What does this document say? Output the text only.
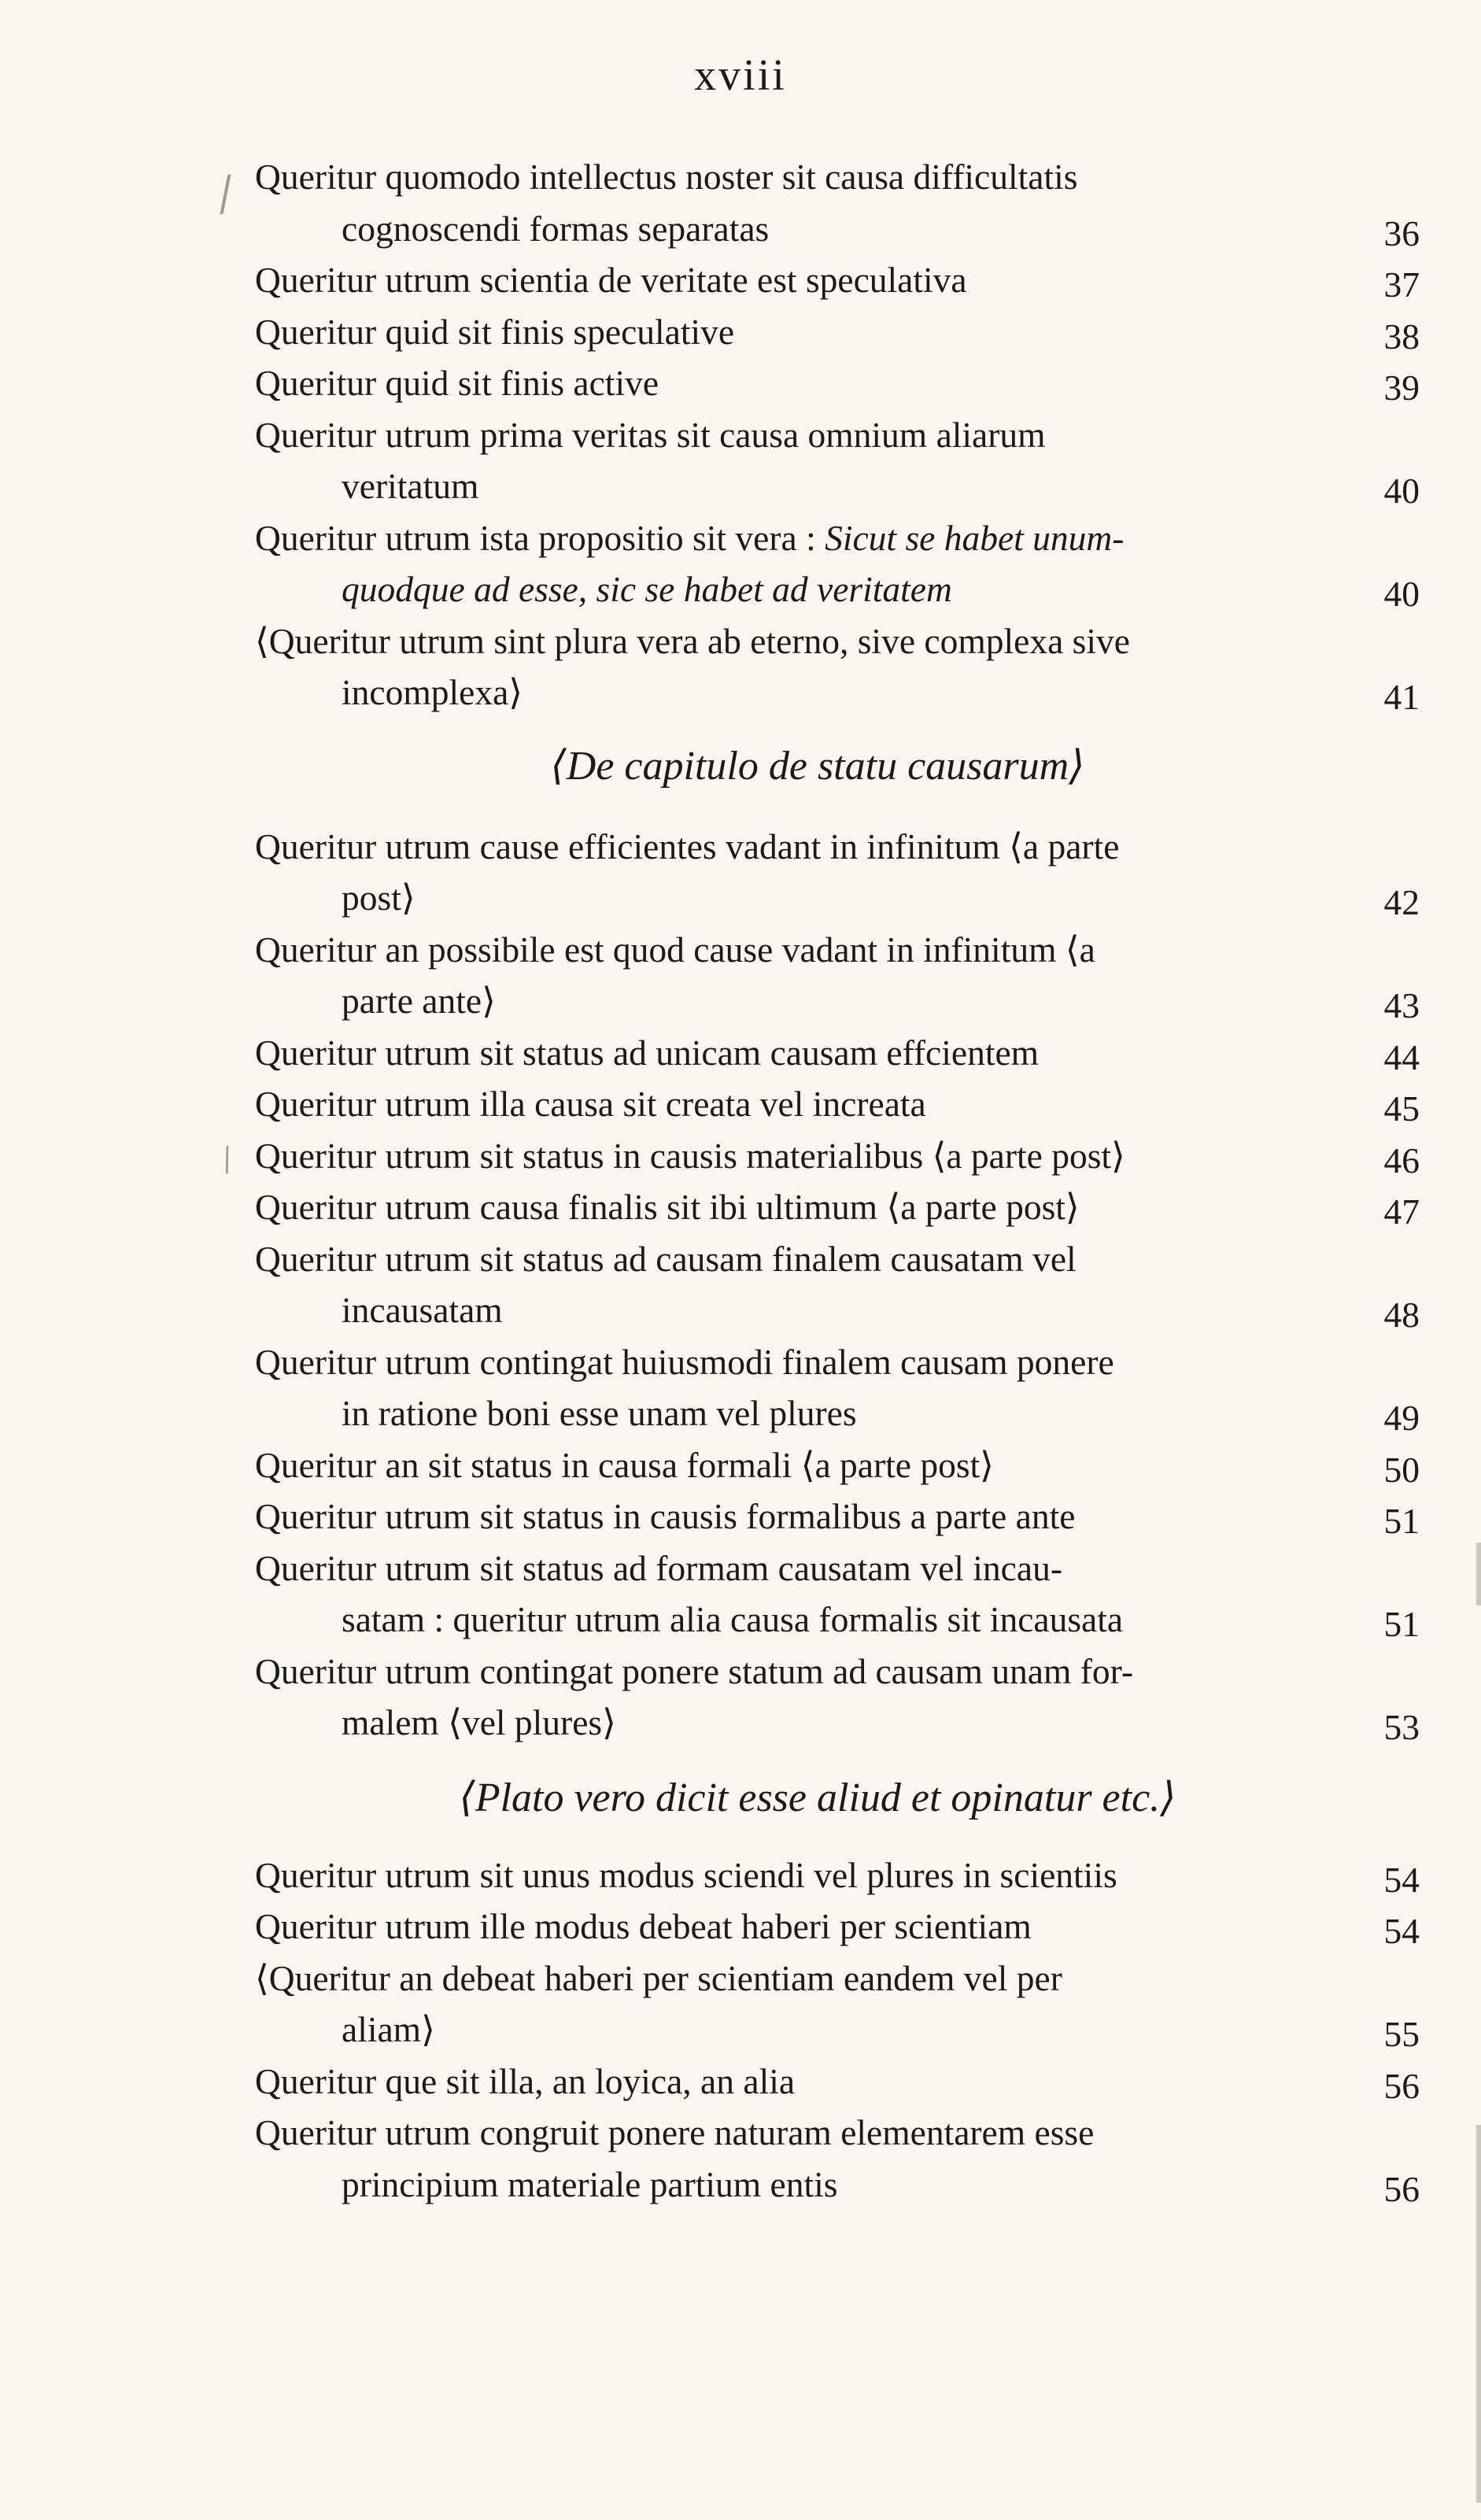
xviii
⁄
⁄
Queritur quomodo intellectus noster sit causa difficultatis
cognoscendi formas separatas	36
Queritur utrum scientia de veritate est speculativa	37
Queritur quid sit finis speculative	38
Queritur quid sit finis active	39
Queritur utrum prima veritas sit causa omnium aliarum
veritatum	40
Queritur utrum ista propositio sit vera : Sicut se habet unum-
quodque ad esse, sic se habet ad veritatem	40
⟨Queritur utrum sint plura vera ab eterno, sive complexa sive
incomplexa⟩	41
⟨De capitulo de statu causarum⟩
Queritur utrum cause efficientes vadant in infinitum ⟨a parte
post⟩	42
Queritur an possibile est quod cause vadant in infinitum ⟨a
parte ante⟩	43
Queritur utrum sit status ad unicam causam effcientem	44
Queritur utrum illa causa sit creata vel increata	45
Queritur utrum sit status in causis materialibus ⟨a parte post⟩	46
Queritur utrum causa finalis sit ibi ultimum ⟨a parte post⟩	47
Queritur utrum sit status ad causam finalem causatam vel
incausatam	48
Queritur utrum contingat huiusmodi finalem causam ponere
in ratione boni esse unam vel plures	49
Queritur an sit status in causa formali ⟨a parte post⟩	50
Queritur utrum sit status in causis formalibus a parte ante	51
Queritur utrum sit status ad formam causatam vel incau-
satam : queritur utrum alia causa formalis sit incausata	51
Queritur utrum contingat ponere statum ad causam unam for-
malem ⟨vel plures⟩	53
⟨Plato vero dicit esse aliud et opinatur etc.⟩
Queritur utrum sit unus modus sciendi vel plures in scientiis	54
Queritur utrum ille modus debeat haberi per scientiam	54
⟨Queritur an debeat haberi per scientiam eandem vel per
aliam⟩	55
Queritur que sit illa, an loyica, an alia	56
Queritur utrum congruit ponere naturam elementarem esse
principium materiale partium entis	56
